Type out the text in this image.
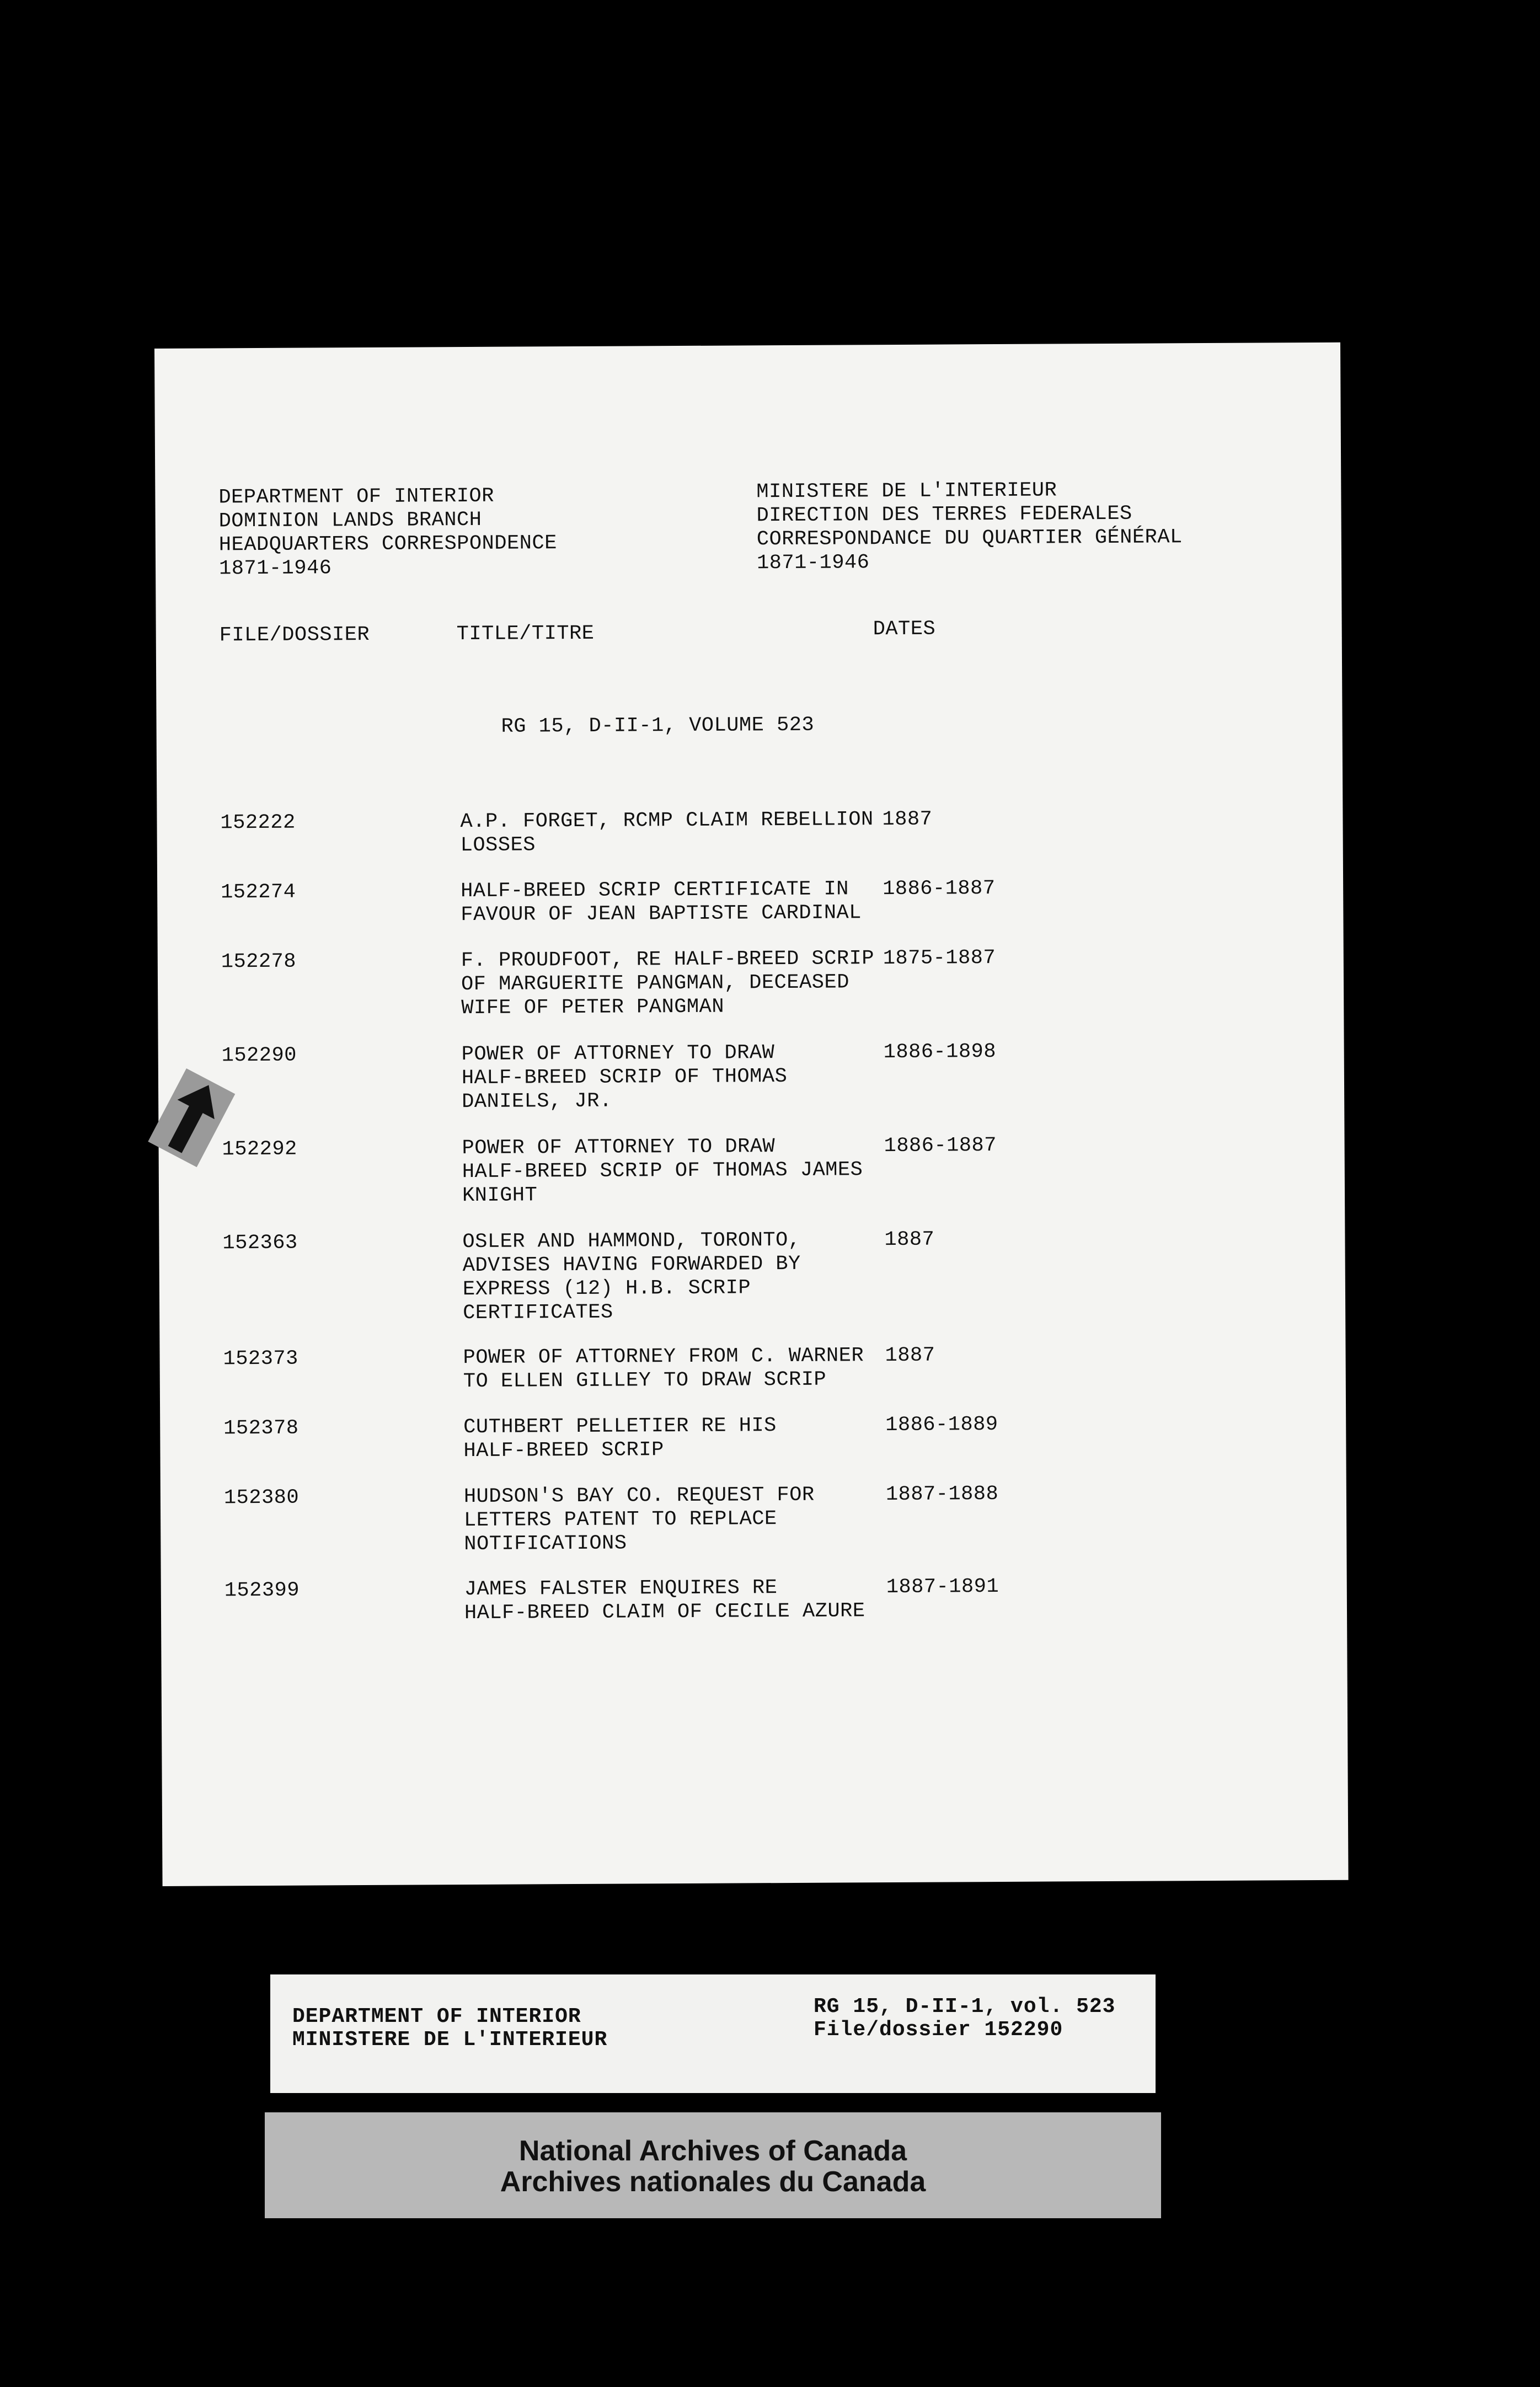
DEPARTMENT OF INTERIOR
DOMINION LANDS BRANCH
HEADQUARTERS CORRESPONDENCE
1871-1946
MINISTERE DE L'INTERIEUR
DIRECTION DES TERRES FEDERALES
CORRESPONDANCE DU QUARTIER GÉNÉRAL
1871-1946
FILE/DOSSIER	TITLE/TITRE	DATES
RG 15, D-II-1, VOLUME 523
152222	A.P. FORGET, RCMP CLAIM REBELLION
LOSSES
1887
152274	HALF-BREED SCRIP CERTIFICATE IN
FAVOUR OF JEAN BAPTISTE CARDINAL
1886-1887
152278	F. PROUDFOOT, RE HALF-BREED SCRIP
OF MARGUERITE PANGMAN, DECEASED
WIFE OF PETER PANGMAN
1875-1887
152290	POWER OF ATTORNEY TO DRAW
HALF-BREED SCRIP OF THOMAS
DANIELS, JR.
1886-1898
152292	POWER OF ATTORNEY TO DRAW
HALF-BREED SCRIP OF THOMAS JAMES
KNIGHT
1886-1887
152363	OSLER AND HAMMOND, TORONTO,
ADVISES HAVING FORWARDED BY
EXPRESS (12) H.B. SCRIP
CERTIFICATES
1887
152373	POWER OF ATTORNEY FROM C. WARNER
TO ELLEN GILLEY TO DRAW SCRIP
1887
152378	CUTHBERT PELLETIER RE HIS
HALF-BREED SCRIP
1886-1889
152380	HUDSON'S BAY CO. REQUEST FOR
LETTERS PATENT TO REPLACE
NOTIFICATIONS
1887-1888
152399	JAMES FALSTER ENQUIRES RE
HALF-BREED CLAIM OF CECILE AZURE
1887-1891
DEPARTMENT OF INTERIOR
MINISTERE DE L'INTERIEUR
RG 15, D-II-1, vol. 523
File/dossier 152290
National Archives of Canada
Archives nationales du Canada
